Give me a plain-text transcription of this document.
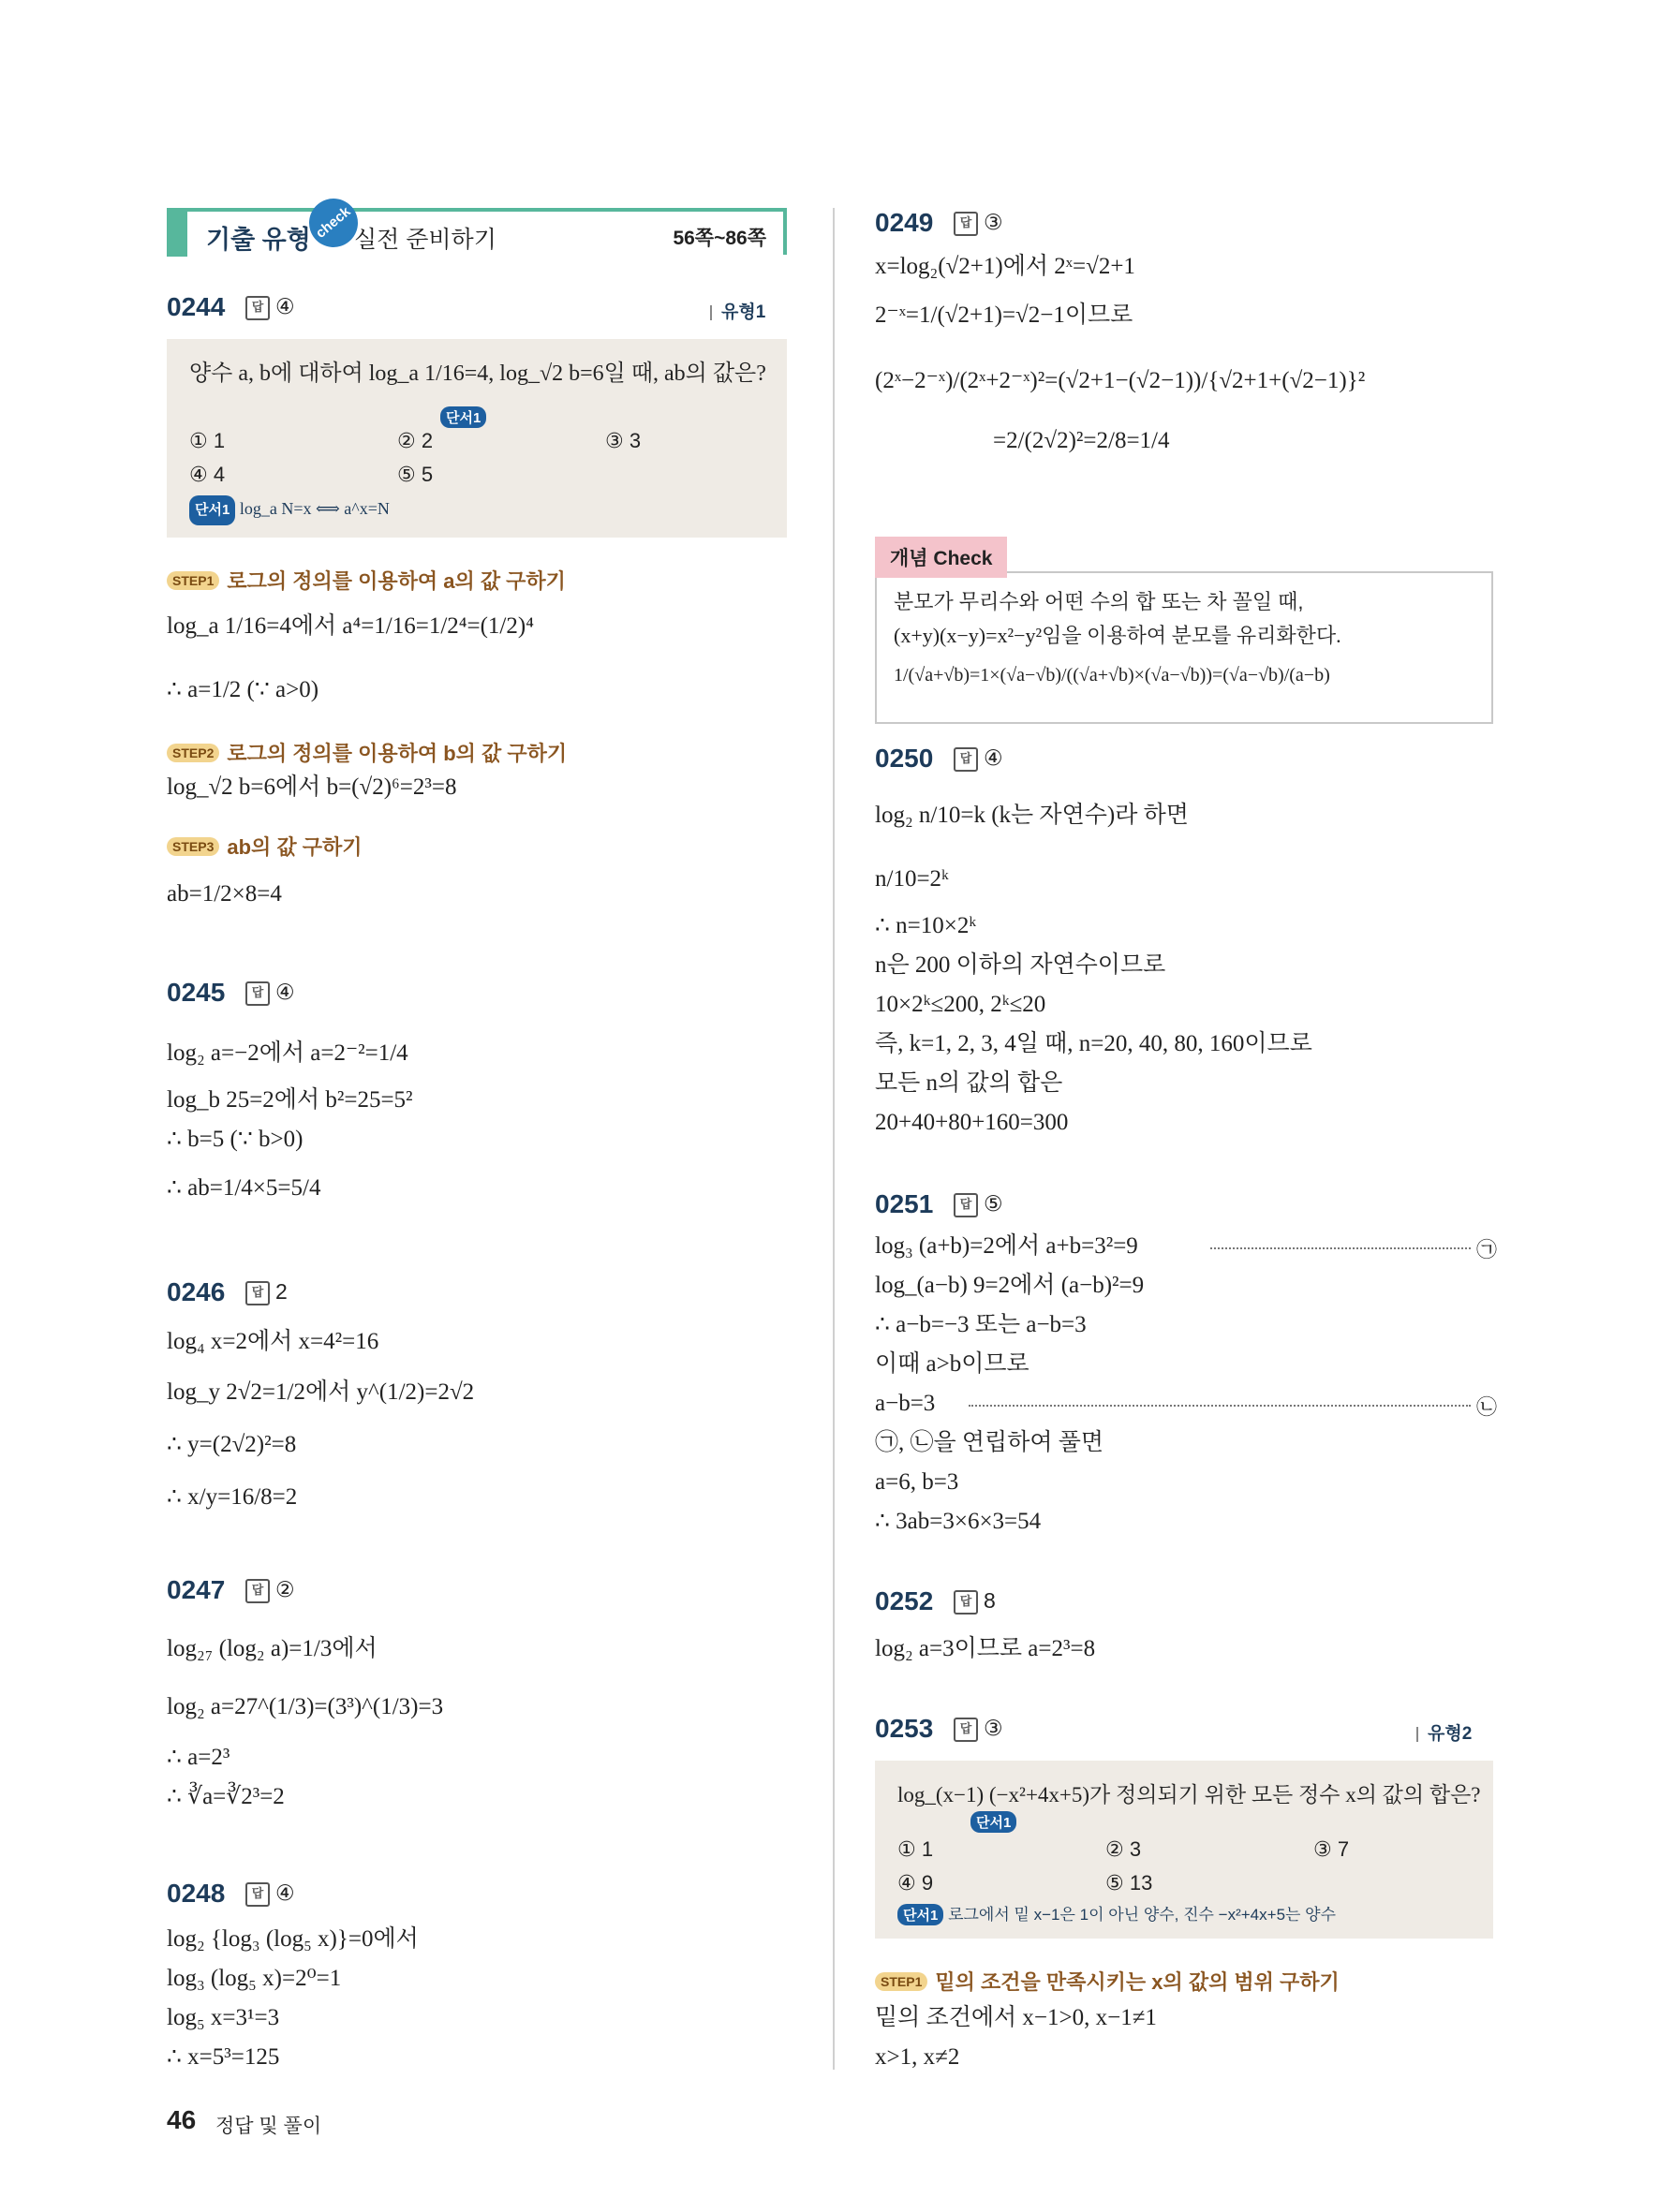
기출 유형 check 실전 준비하기	56쪽~86쪽
0244	답 ④	유형1
양수 a, b에 대하여 log_a 1/16=4, log_√2 b=6일 때, ab의 값은?
단서1
① 1	② 2	③ 3
④ 4	⑤ 5
단서1 log_a N=x ⟺ a^x=N
STEP1 로그의 정의를 이용하여 a의 값 구하기
log_a 1/16=4에서 a⁴=1/16=1/2⁴=(1/2)⁴
∴ a=1/2 (∵ a>0)
STEP2 로그의 정의를 이용하여 b의 값 구하기
log_√2 b=6에서 b=(√2)⁶=2³=8
STEP3 ab의 값 구하기
ab=1/2×8=4
0245	답 ④
log₂ a=−2에서 a=2⁻²=1/4
log_b 25=2에서 b²=25=5²
∴ b=5 (∵ b>0)
∴ ab=1/4×5=5/4
0246	답 2
log₄ x=2에서 x=4²=16
log_y 2√2=1/2에서 y^(1/2)=2√2
∴ y=(2√2)²=8
∴ x/y=16/8=2
0247	답 ②
log₂₇ (log₂ a)=1/3에서
log₂ a=27^(1/3)=(3³)^(1/3)=3
∴ a=2³
∴ ∛a=∛2³=2
0248	답 ④
log₂ {log₃ (log₅ x)}=0에서
log₃ (log₅ x)=2⁰=1
log₅ x=3¹=3
∴ x=5³=125
0249	답 ③
x=log₂(√2+1)에서 2ˣ=√2+1
2⁻ˣ=1/(√2+1)=√2−1이므로
(2ˣ−2⁻ˣ)/(2ˣ+2⁻ˣ)²=(√2+1−(√2−1))/{√2+1+(√2−1)}²
=2/(2√2)²=2/8=1/4
분모가 무리수와 어떤 수의 합 또는 차 꼴일 때,
(x+y)(x−y)=x²−y²임을 이용하여 분모를 유리화한다.
1/(√a+√b)=1×(√a−√b)/((√a+√b)×(√a−√b))=(√a−√b)/(a−b)
개념 Check
0250	답 ④
log₂ n/10=k (k는 자연수)라 하면
n/10=2ᵏ
∴ n=10×2ᵏ
n은 200 이하의 자연수이므로
10×2ᵏ≤200, 2ᵏ≤20
즉, k=1, 2, 3, 4일 때, n=20, 40, 80, 160이므로
모든 n의 값의 합은
20+40+80+160=300
0251	답 ⑤
log₃ (a+b)=2에서 a+b=3²=9	㉠
log_(a−b) 9=2에서 (a−b)²=9
∴ a−b=−3 또는 a−b=3
이때 a>b이므로
a−b=3	㉡
㉠, ㉡을 연립하여 풀면
a=6, b=3
∴ 3ab=3×6×3=54
0252	답 8
log₂ a=3이므로 a=2³=8
0253	답 ③	유형2
log_(x−1) (−x²+4x+5)가 정의되기 위한 모든 정수 x의 값의 합은?
단서1
① 1	② 3	③ 7
④ 9	⑤ 13
단서1 로그에서 밑 x−1은 1이 아닌 양수, 진수 −x²+4x+5는 양수
STEP1 밑의 조건을 만족시키는 x의 값의 범위 구하기
밑의 조건에서 x−1>0, x−1≠1
x>1, x≠2
46 정답 및 풀이
